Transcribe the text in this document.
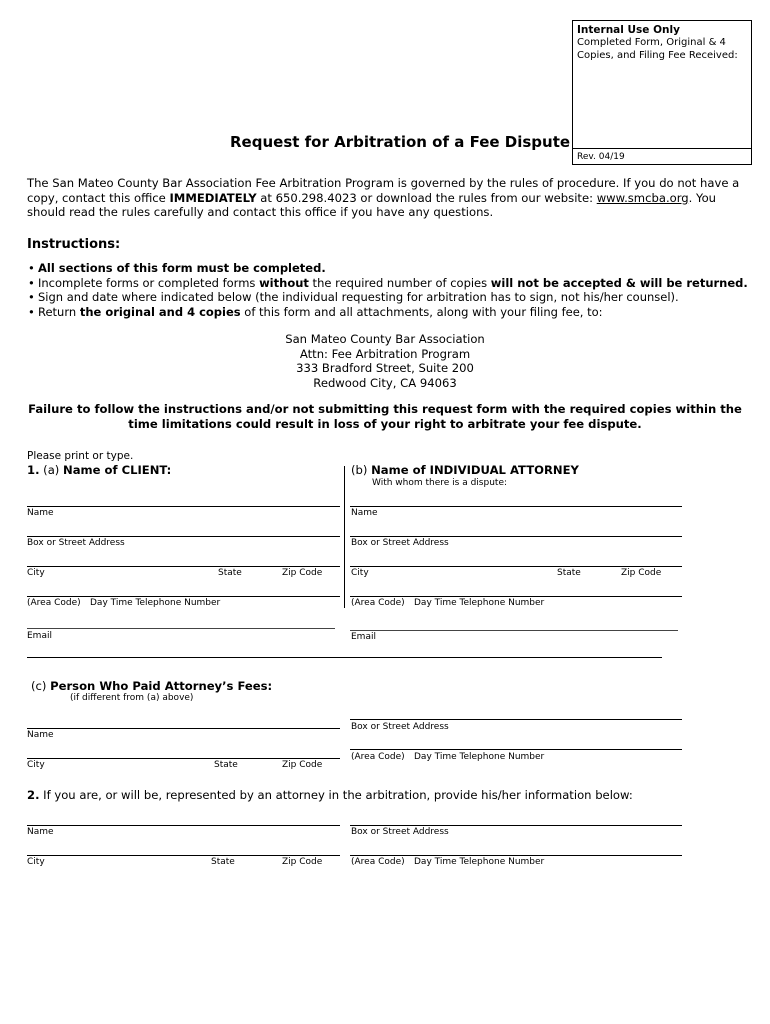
Internal Use Only
Completed Form, Original & 4
Copies, and Filing Fee Received:
Rev. 04/19
Request for Arbitration of a Fee Dispute
The San Mateo County Bar Association Fee Arbitration Program is governed by the rules of procedure. If you do not have a
copy, contact this office IMMEDIATELY at 650.298.4023 or download the rules from our website: www.smcba.org. You
should read the rules carefully and contact this office if you have any questions.
Instructions:
• All sections of this form must be completed.
• Incomplete forms or completed forms without the required number of copies will not be accepted & will be returned.
• Sign and date where indicated below (the individual requesting for arbitration has to sign, not his/her counsel).
• Return the original and 4 copies of this form and all attachments, along with your filing fee, to:
San Mateo County Bar Association
Attn: Fee Arbitration Program
333 Bradford Street, Suite 200
Redwood City, CA 94063
Failure to follow the instructions and/or not submitting this request form with the required copies within the
time limitations could result in loss of your right to arbitrate your fee dispute.
Please print or type.
1. (a) Name of CLIENT:	(b) Name of INDIVIDUAL ATTORNEY
With whom there is a dispute:
Name
Box or Street Address
City	State	Zip Code
(Area Code) Day Time Telephone Number
Email
Name
Box or Street Address
City	State	Zip Code
(Area Code) Day Time Telephone Number
Email
(c) Person Who Paid Attorney’s Fees:
(if different from (a) above)
Name
City	State	Zip Code
Box or Street Address
(Area Code) Day Time Telephone Number
2. If you are, or will be, represented by an attorney in the arbitration, provide his/her information below:
Name	Box or Street Address
City	State	Zip Code	(Area Code) Day Time Telephone Number
